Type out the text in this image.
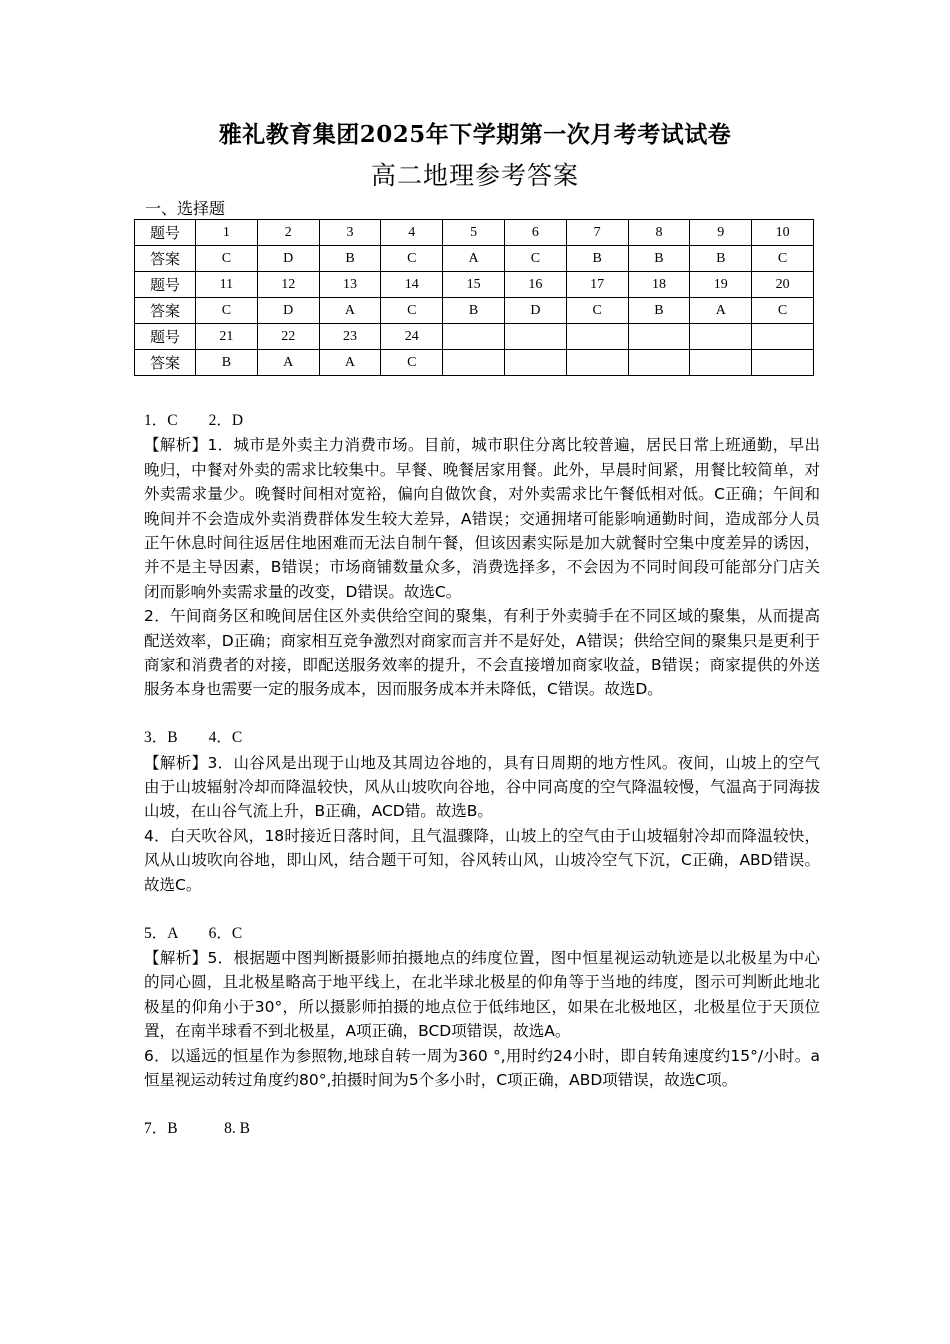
雅礼教育集团2025年下学期第一次月考考试试卷
高二地理参考答案
一、选择题
题号	1	2	3	4	5	6	7	8	9	10
答案	C	D	B	C	A	C	B	B	B	C
题号	11	12	13	14	15	16	17	18	19	20
答案	C	D	A	C	B	D	C	B	A	C
题号	21	22	23	24						
答案	B	A	A	C						

1．C　　2．D

【解析】1．城市是外卖主力消费市场。目前，城市职住分离比较普遍，居民日常上班通勤，早出晚归，中餐对外卖的需求比较集中。早餐、晚餐居家用餐。此外，早晨时间紧，用餐比较简单，对外卖需求量少。晚餐时间相对宽裕，偏向自做饮食，对外卖需求比午餐低相对低。C正确；午间和晚间并不会造成外卖消费群体发生较大差异，A错误；交通拥堵可能影响通勤时间，造成部分人员正午休息时间往返居住地困难而无法自制午餐，但该因素实际是加大就餐时空集中度差异的诱因，并不是主导因素，B错误；市场商铺数量众多，消费选择多，不会因为不同时间段可能部分门店关闭而影响外卖需求量的改变，D错误。故选C。

2．午间商务区和晚间居住区外卖供给空间的聚集，有利于外卖骑手在不同区域的聚集，从而提高配送效率，D正确；商家相互竞争激烈对商家而言并不是好处，A错误；供给空间的聚集只是更利于商家和消费者的对接，即配送服务效率的提升，不会直接增加商家收益，B错误；商家提供的外送服务本身也需要一定的服务成本，因而服务成本并未降低，C错误。故选D。

3．B　　4．C

【解析】3．山谷风是出现于山地及其周边谷地的，具有日周期的地方性风。夜间，山坡上的空气由于山坡辐射冷却而降温较快，风从山坡吹向谷地，谷中同高度的空气降温较慢，气温高于同海拔山坡，在山谷气流上升，B正确，ACD错。故选B。

4．白天吹谷风，18时接近日落时间，且气温骤降，山坡上的空气由于山坡辐射冷却而降温较快，风从山坡吹向谷地，即山风，结合题干可知，谷风转山风，山坡冷空气下沉，C正确，ABD错误。故选C。

5．A　　6．C

【解析】5．根据题中图判断摄影师拍摄地点的纬度位置，图中恒星视运动轨迹是以北极星为中心的同心圆，且北极星略高于地平线上，在北半球北极星的仰角等于当地的纬度，图示可判断此地北极星的仰角小于30°，所以摄影师拍摄的地点位于低纬地区，如果在北极地区，北极星位于天顶位置，在南半球看不到北极星，A项正确，BCD项错误，故选A。

6．以遥远的恒星作为参照物,地球自转一周为360 °,用时约24小时，即自转角速度约15°/小时。a恒星视运动转过角度约80°,拍摄时间为5个多小时，C项正确，ABD项错误，故选C项。

7．B　　　8. B
